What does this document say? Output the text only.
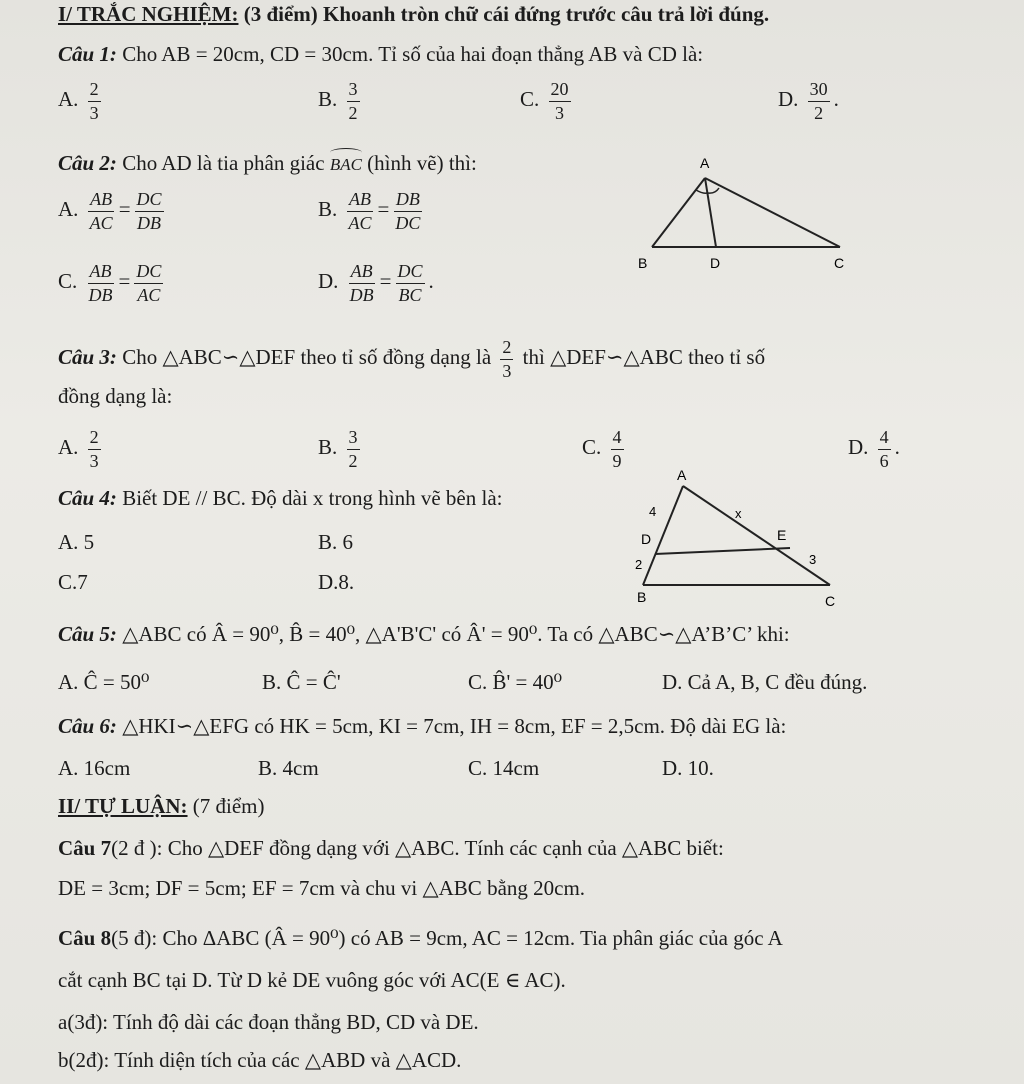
I/ TRẮC NGHIỆM: (3 điểm) Khoanh tròn chữ cái đứng trước câu trả lời đúng.
Câu 1: Cho AB = 20cm, CD = 30cm. Tỉ số của hai đoạn thẳng AB và CD là:
A. $\frac{2}{3}$	B. $\frac{3}{2}$	C. $\frac{20}{3}$	D. $\frac{30}{2}$ .
Câu 2: Cho AD là tia phân giác BAC (hình vẽ) thì:
A. $\frac{AB}{AC} = \frac{DC}{DB}$	B. $\frac{AB}{AC} = \frac{DB}{DC}$
C. $\frac{AB}{DB} = \frac{DC}{AC}$	D. $\frac{AB}{DB} = \frac{DC}{BC}$ .
A
B	D	C
Câu 3: Cho △ABC∽△DEF theo tỉ số đồng dạng là $\frac{2}{3}$ thì △DEF∽△ABC theo tỉ số
đồng dạng là:
A. $\frac{2}{3}$	B. $\frac{3}{2}$	C. $\frac{4}{9}$	D. $\frac{4}{6}$ .
Câu 4: Biết DE // BC. Độ dài x trong hình vẽ bên là:
A. 5	B. 6
C.7	D.8.
A
4	x
D	E
2	3
B	C
Câu 5: △ABC có Â = 90⁰, B̂ = 40⁰, △A'B'C' có Â' = 90⁰. Ta có △ABC∽△A’B’C’ khi:
A. Ĉ = 50⁰	B. Ĉ = Ĉ'	C. B̂' = 40⁰	D. Cả A, B, C đều đúng.
Câu 6: △HKI∽△EFG có HK = 5cm, KI = 7cm, IH = 8cm, EF = 2,5cm. Độ dài EG là:
A. 16cm	B. 4cm	C. 14cm	D. 10.
II/ TỰ LUẬN: (7 điểm)
Câu 7(2 đ ): Cho △DEF đồng dạng với △ABC. Tính các cạnh của △ABC biết:
DE = 3cm; DF = 5cm; EF = 7cm và chu vi △ABC bằng 20cm.
Câu 8(5 đ): Cho ΔABC (Â = 90⁰) có AB = 9cm, AC = 12cm. Tia phân giác của góc A
cắt cạnh BC tại D. Từ D kẻ DE vuông góc với AC(E ∈ AC).
a(3đ): Tính độ dài các đoạn thẳng BD, CD và DE.
b(2đ): Tính diện tích của các △ABD và △ACD.
